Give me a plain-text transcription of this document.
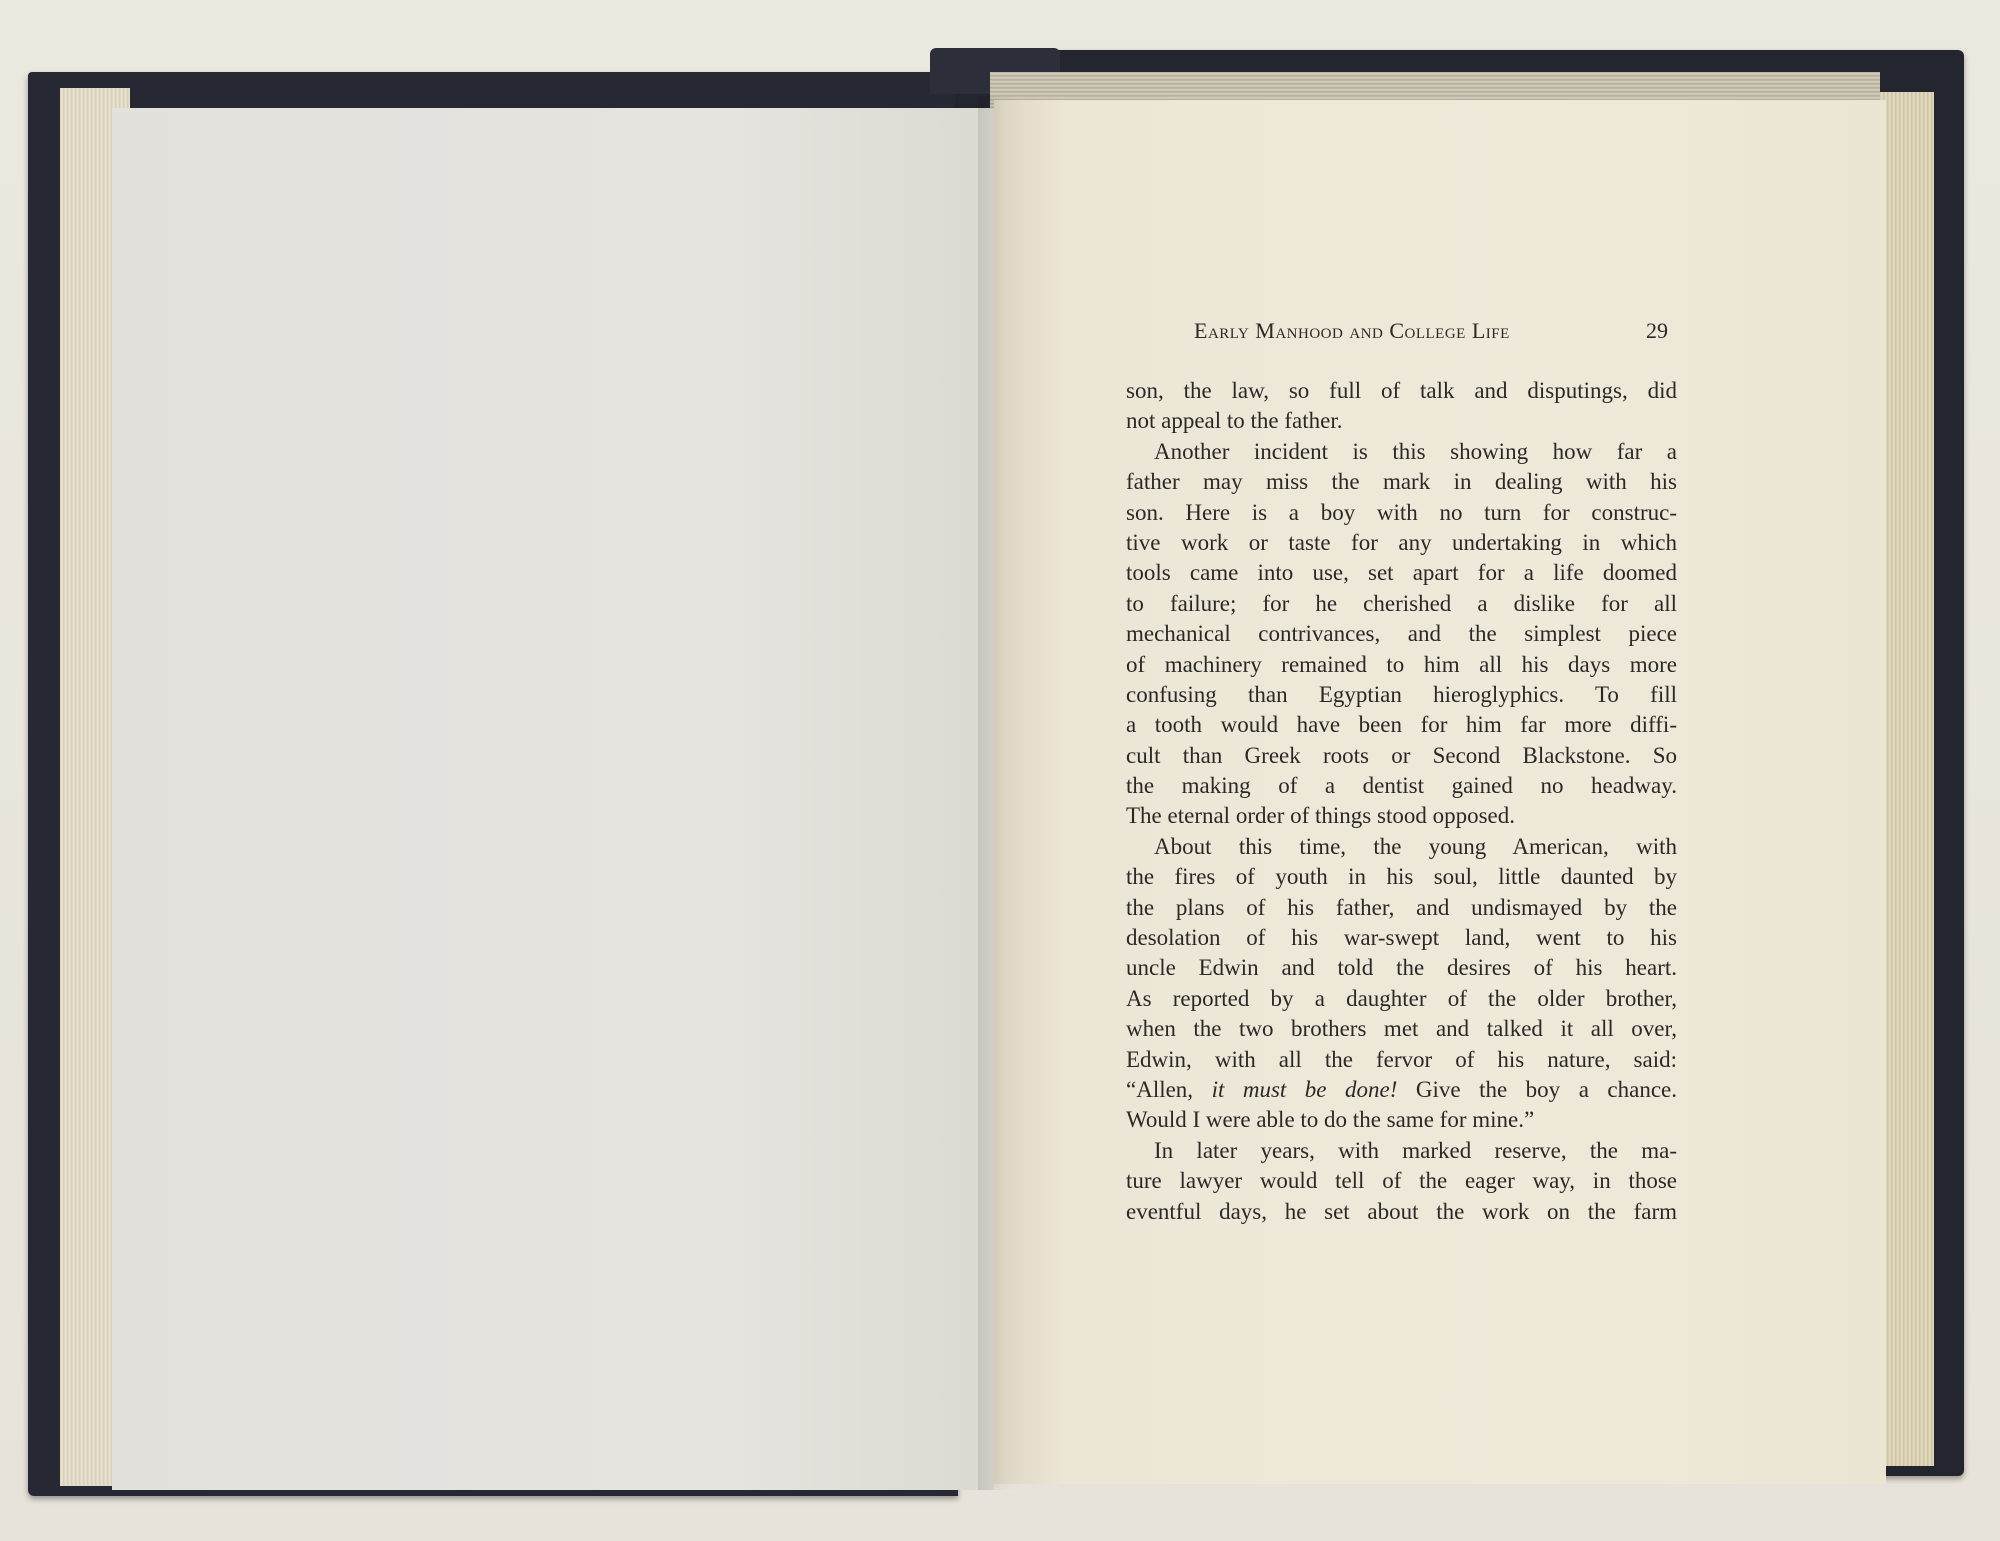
Early Manhood and College Life	29
son, the law, so full of talk and disputings, did
not appeal to the father.
Another incident is this showing how far a
father may miss the mark in dealing with his
son. Here is a boy with no turn for construc-
tive work or taste for any undertaking in which
tools came into use, set apart for a life doomed
to failure; for he cherished a dislike for all
mechanical contrivances, and the simplest piece
of machinery remained to him all his days more
confusing than Egyptian hieroglyphics. To fill
a tooth would have been for him far more diffi-
cult than Greek roots or Second Blackstone. So
the making of a dentist gained no headway.
The eternal order of things stood opposed.
About this time, the young American, with
the fires of youth in his soul, little daunted by
the plans of his father, and undismayed by the
desolation of his war-swept land, went to his
uncle Edwin and told the desires of his heart.
As reported by a daughter of the older brother,
when the two brothers met and talked it all over,
Edwin, with all the fervor of his nature, said:
“Allen, it must be done! Give the boy a chance.
Would I were able to do the same for mine.”
In later years, with marked reserve, the ma-
ture lawyer would tell of the eager way, in those
eventful days, he set about the work on the farm
